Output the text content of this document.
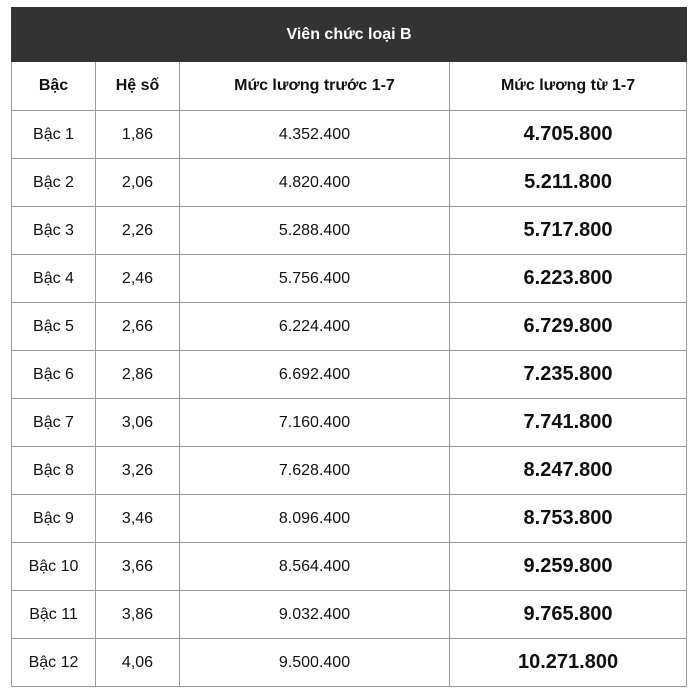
Viên chức loại B			
Bậc	Hệ số	Mức lương trước 1-7	Mức lương từ 1-7
Bậc 1	1,86	4.352.400	4.705.800
Bậc 2	2,06	4.820.400	5.211.800
Bậc 3	2,26	5.288.400	5.717.800
Bậc 4	2,46	5.756.400	6.223.800
Bậc 5	2,66	6.224.400	6.729.800
Bậc 6	2,86	6.692.400	7.235.800
Bậc 7	3,06	7.160.400	7.741.800
Bậc 8	3,26	7.628.400	8.247.800
Bậc 9	3,46	8.096.400	8.753.800
Bậc 10	3,66	8.564.400	9.259.800
Bậc 11	3,86	9.032.400	9.765.800
Bậc 12	4,06	9.500.400	10.271.800
